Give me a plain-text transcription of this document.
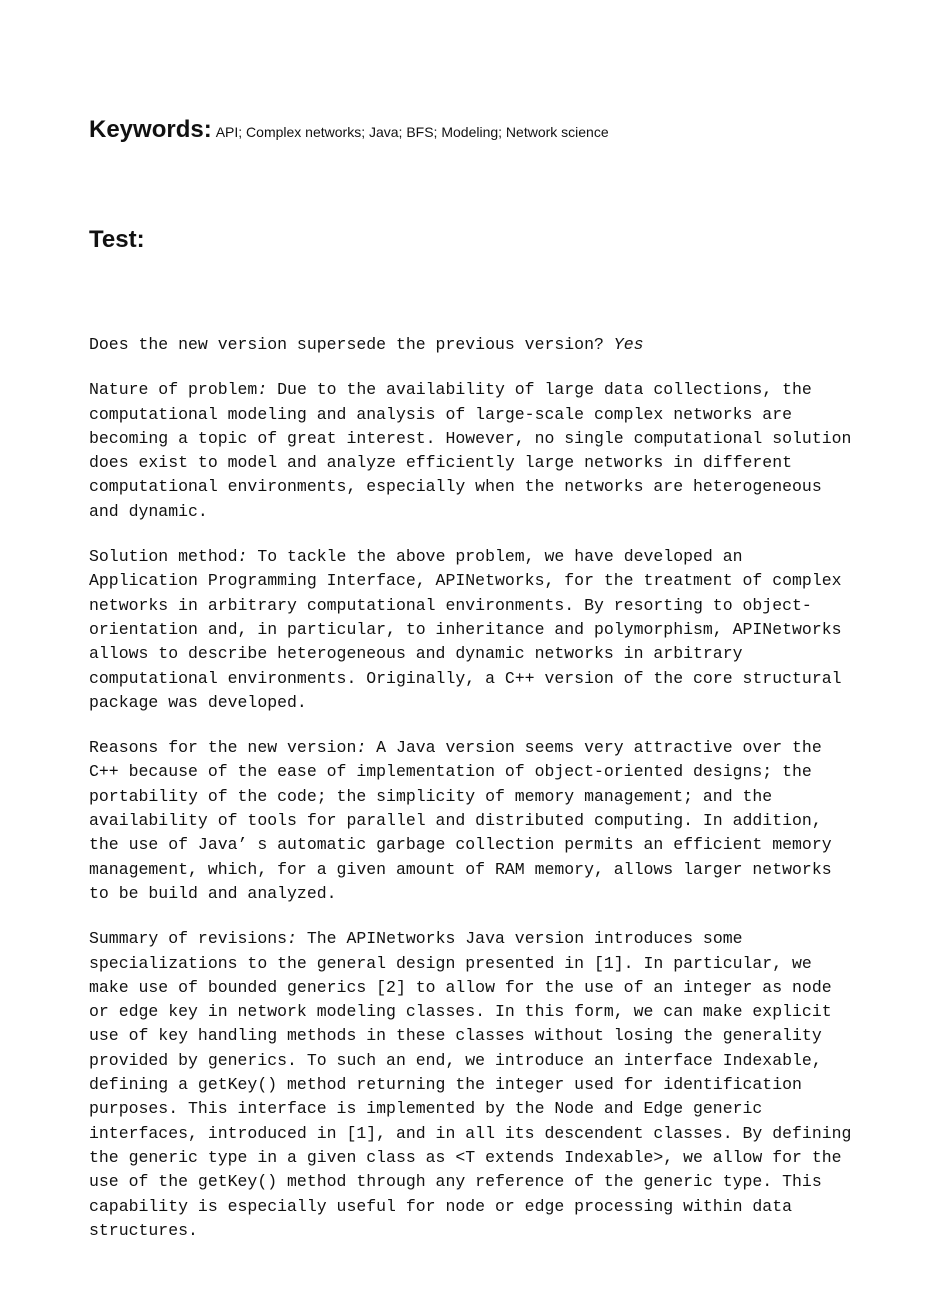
Keywords: API; Complex networks; Java; BFS; Modeling; Network science
Test:

Does the new version supersede the previous version? Yes

Nature of problem: Due to the availability of large data collections, the computational modeling and analysis of large-scale complex networks are becoming a topic of great interest. However, no single computational solution does exist to model and analyze efficiently large networks in different computational environments, especially when the networks are heterogeneous and dynamic.

Solution method: To tackle the above problem, we have developed an Application Programming Interface, APINetworks, for the treatment of complex networks in arbitrary computational environments. By resorting to object-orientation and, in particular, to inheritance and polymorphism, APINetworks allows to describe heterogeneous and dynamic networks in arbitrary computational environments. Originally, a C++ version of the core structural package was developed.

Reasons for the new version: A Java version seems very attractive over the C++ because of the ease of implementation of object-oriented designs; the portability of the code; the simplicity of memory management; and the availability of tools for parallel and distributed computing. In addition, the use of Java’ s automatic garbage collection permits an efficient memory management, which, for a given amount of RAM memory, allows larger networks to be build and analyzed.

Summary of revisions: The APINetworks Java version introduces some specializations to the general design presented in [1]. In particular, we make use of bounded generics [2] to allow for the use of an integer as node or edge key in network modeling classes. In this form, we can make explicit use of key handling methods in these classes without losing the generality provided by generics. To such an end, we introduce an interface Indexable, defining a getKey() method returning the integer used for identification purposes. This interface is implemented by the Node and Edge generic interfaces, introduced in [1], and in all its descendent classes. By defining the generic type in a given class as <T extends Indexable>, we allow for the use of the getKey() method through any reference of the generic type. This capability is especially useful for node or edge processing within data structures.
